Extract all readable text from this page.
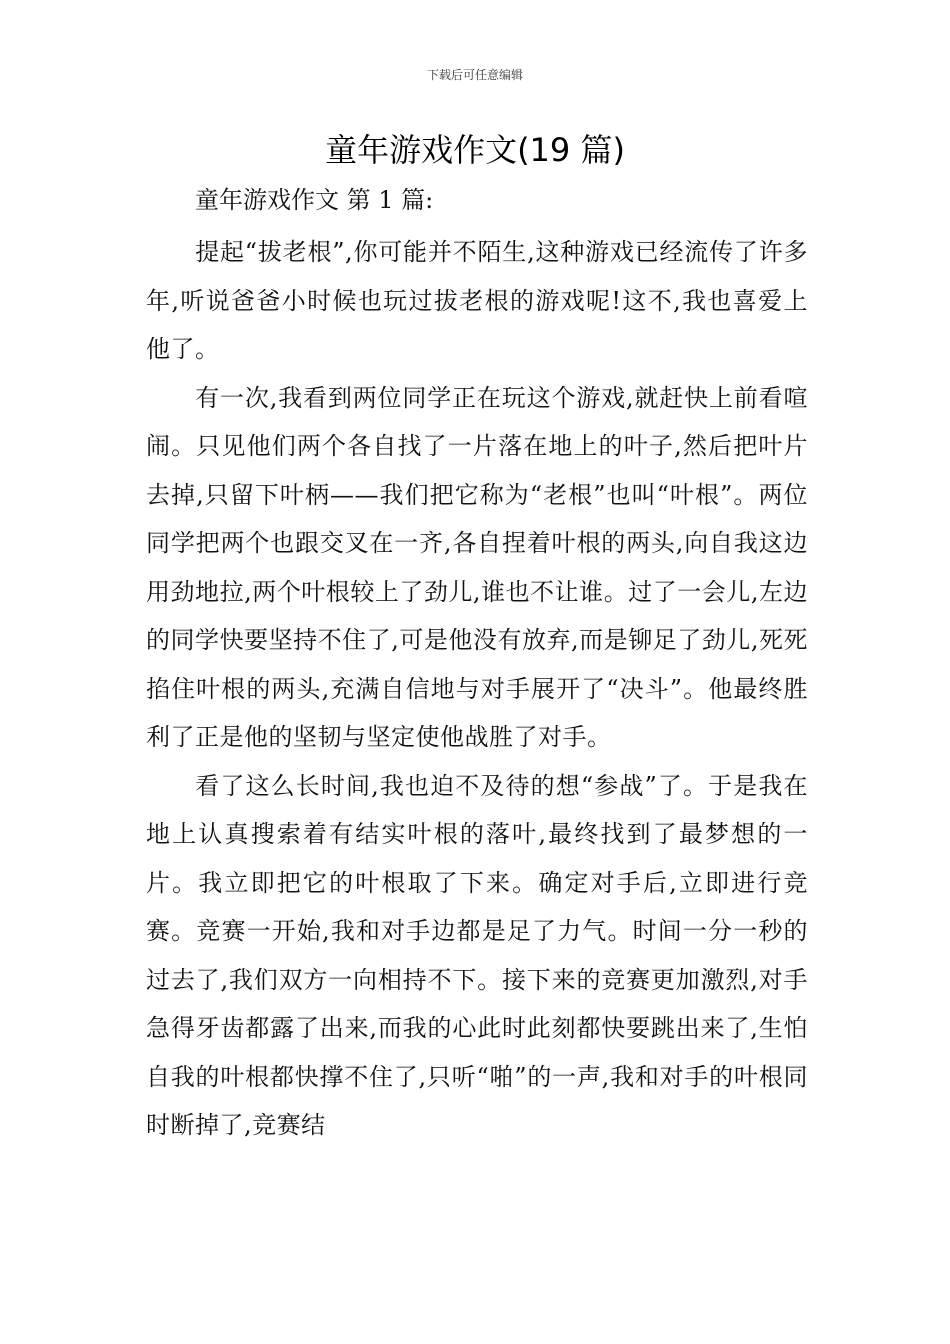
下载后可任意编辑
童年游戏作文(19 篇)
童年游戏作文 第 1 篇:

提起“拔老根”,你可能并不陌生,这种游戏已经流传了许多年,听说爸爸小时候也玩过拔老根的游戏呢!这不,我也喜爱上他了。

有一次,我看到两位同学正在玩这个游戏,就赶快上前看喧闹。只见他们两个各自找了一片落在地上的叶子,然后把叶片去掉,只留下叶柄——我们把它称为“老根”也叫“叶根”。两位同学把两个也跟交叉在一齐,各自捏着叶根的两头,向自我这边用劲地拉,两个叶根较上了劲儿,谁也不让谁。过了一会儿,左边的同学快要坚持不住了,可是他没有放弃,而是铆足了劲儿,死死掐住叶根的两头,充满自信地与对手展开了“决斗”。他最终胜利了正是他的坚韧与坚定使他战胜了对手。

看了这么长时间,我也迫不及待的想“参战”了。于是我在地上认真搜索着有结实叶根的落叶,最终找到了最梦想的一片。我立即把它的叶根取了下来。确定对手后,立即进行竞赛。竞赛一开始,我和对手边都是足了力气。时间一分一秒的过去了,我们双方一向相持不下。接下来的竞赛更加激烈,对手急得牙齿都露了出来,而我的心此时此刻都快要跳出来了,生怕自我的叶根都快撑不住了,只听“啪”的一声,我和对手的叶根同时断掉了,竞赛结
